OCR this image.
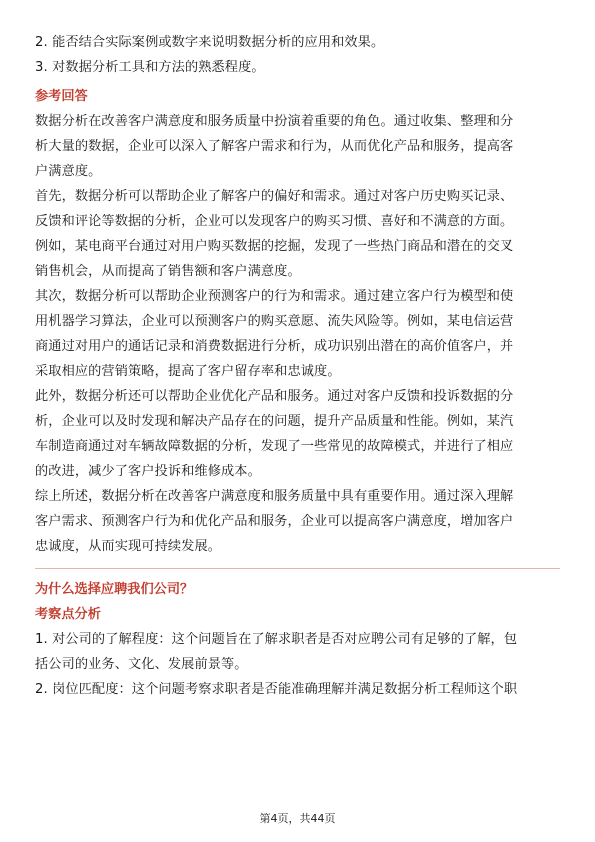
2. 能否结合实际案例或数字来说明数据分析的应用和效果。
3. 对数据分析工具和方法的熟悉程度。
参考回答
数据分析在改善客户满意度和服务质量中扮演着重要的角色。通过收集、整理和分
析大量的数据，企业可以深入了解客户需求和行为，从而优化产品和服务，提高客
户满意度。
首先，数据分析可以帮助企业了解客户的偏好和需求。通过对客户历史购买记录、
反馈和评论等数据的分析，企业可以发现客户的购买习惯、喜好和不满意的方面。
例如，某电商平台通过对用户购买数据的挖掘，发现了一些热门商品和潜在的交叉
销售机会，从而提高了销售额和客户满意度。
其次，数据分析可以帮助企业预测客户的行为和需求。通过建立客户行为模型和使
用机器学习算法，企业可以预测客户的购买意愿、流失风险等。例如，某电信运营
商通过对用户的通话记录和消费数据进行分析，成功识别出潜在的高价值客户，并
采取相应的营销策略，提高了客户留存率和忠诚度。
此外，数据分析还可以帮助企业优化产品和服务。通过对客户反馈和投诉数据的分
析，企业可以及时发现和解决产品存在的问题，提升产品质量和性能。例如，某汽
车制造商通过对车辆故障数据的分析，发现了一些常见的故障模式，并进行了相应
的改进，减少了客户投诉和维修成本。
综上所述，数据分析在改善客户满意度和服务质量中具有重要作用。通过深入理解
客户需求、预测客户行为和优化产品和服务，企业可以提高客户满意度，增加客户
忠诚度，从而实现可持续发展。
为什么选择应聘我们公司？
考察点分析
1. 对公司的了解程度：这个问题旨在了解求职者是否对应聘公司有足够的了解，包
括公司的业务、文化、发展前景等。
2. 岗位匹配度：这个问题考察求职者是否能准确理解并满足数据分析工程师这个职
第4页，共44页
